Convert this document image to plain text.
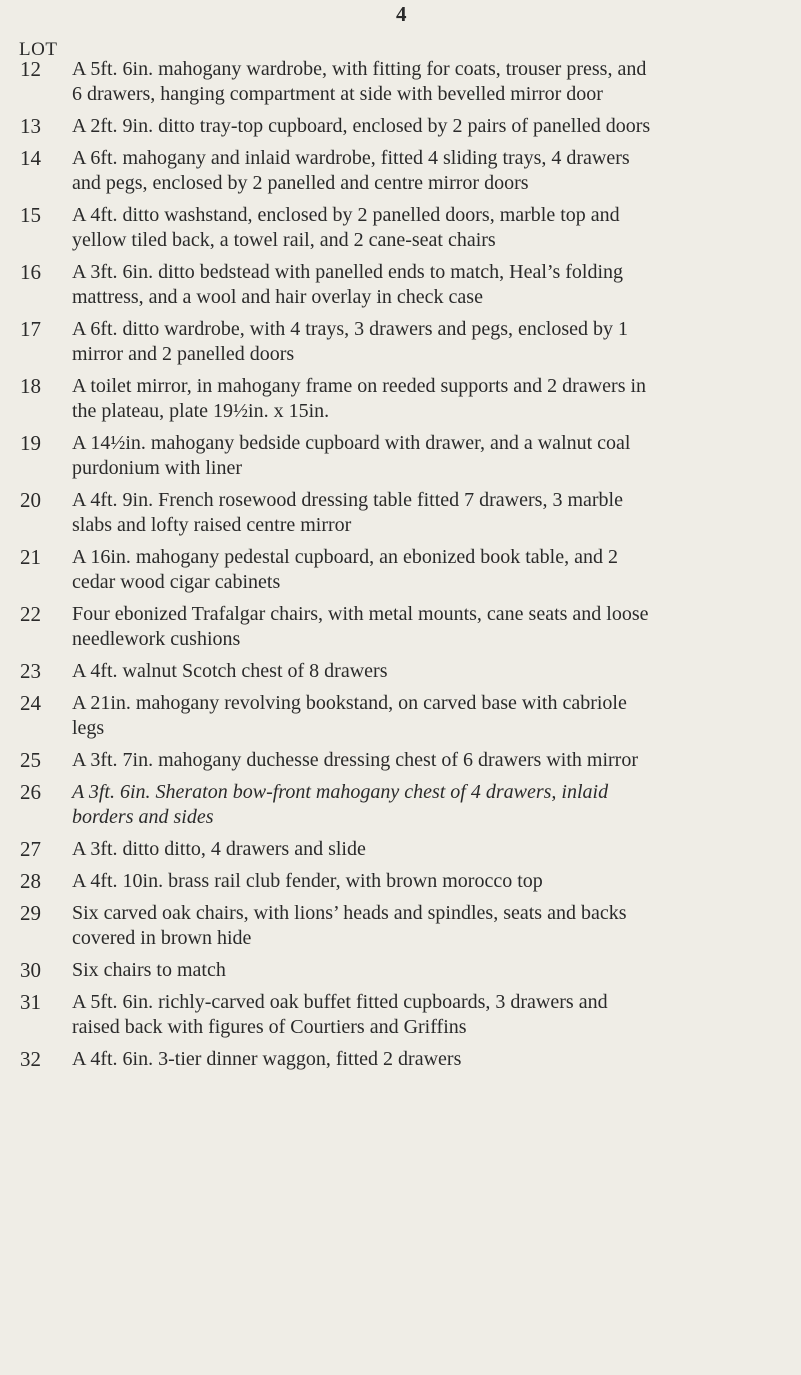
4
LOT
12	A 5ft. 6in. mahogany wardrobe, with fitting for coats, trouser press, and 6 drawers, hanging compartment at side with bevelled mirror door
13	A 2ft. 9in. ditto tray-top cupboard, enclosed by 2 pairs of panelled doors
14	A 6ft. mahogany and inlaid wardrobe, fitted 4 sliding trays, 4 drawers and pegs, enclosed by 2 panelled and centre mirror doors
15	A 4ft. ditto washstand, enclosed by 2 panelled doors, marble top and yellow tiled back, a towel rail, and 2 cane-seat chairs
16	A 3ft. 6in. ditto bedstead with panelled ends to match, Heal’s folding mattress, and a wool and hair overlay in check case
17	A 6ft. ditto wardrobe, with 4 trays, 3 drawers and pegs, enclosed by 1 mirror and 2 panelled doors
18	A toilet mirror, in mahogany frame on reeded supports and 2 drawers in the plateau, plate 19½in. x 15in.
19	A 14½in. mahogany bedside cupboard with drawer, and a walnut coal purdonium with liner
20	A 4ft. 9in. French rosewood dressing table fitted 7 drawers, 3 marble slabs and lofty raised centre mirror
21	A 16in. mahogany pedestal cupboard, an ebonized book table, and 2 cedar wood cigar cabinets
22	Four ebonized Trafalgar chairs, with metal mounts, cane seats and loose needlework cushions
23	A 4ft. walnut Scotch chest of 8 drawers
24	A 21in. mahogany revolving bookstand, on carved base with cabriole legs
25	A 3ft. 7in. mahogany duchesse dressing chest of 6 drawers with mirror
26	A 3ft. 6in. Sheraton bow-front mahogany chest of 4 drawers, inlaid borders and sides
27	A 3ft. ditto ditto, 4 drawers and slide
28	A 4ft. 10in. brass rail club fender, with brown morocco top
29	Six carved oak chairs, with lions’ heads and spindles, seats and backs covered in brown hide
30	Six chairs to match
31	A 5ft. 6in. richly-carved oak buffet fitted cupboards, 3 drawers and raised back with figures of Courtiers and Griffins
32	A 4ft. 6in. 3-tier dinner waggon, fitted 2 drawers
